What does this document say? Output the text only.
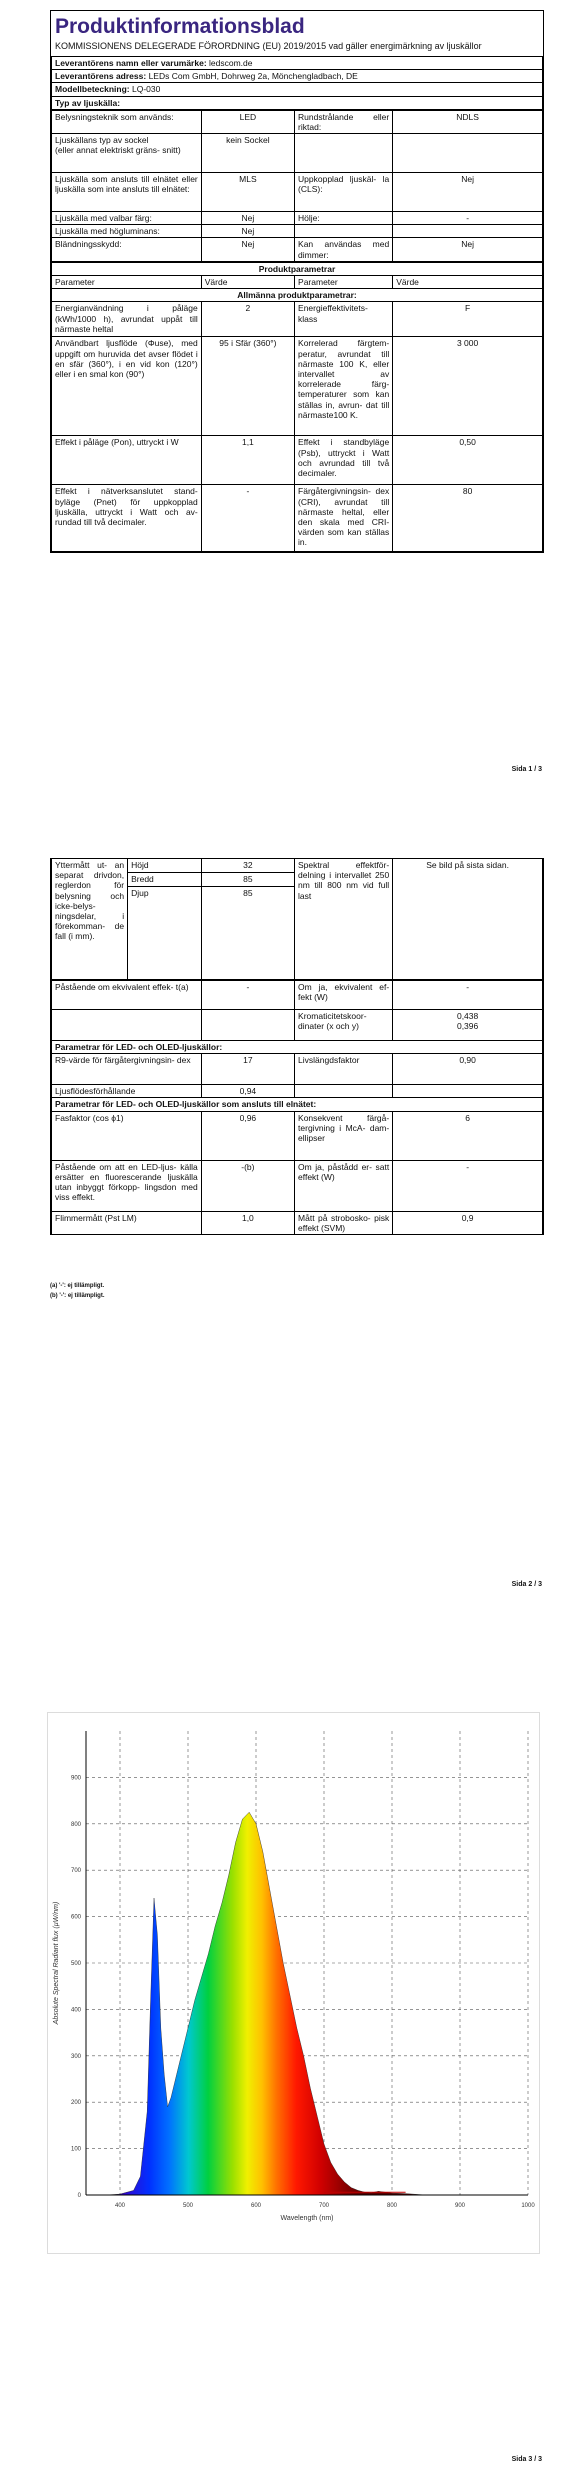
Produktinformationsblad
KOMMISSIONENS DELEGERADE FÖRORDNING (EU) 2019/2015 vad gäller energimärkning av ljuskällor
Leverantörens namn eller varumärke: ledscom.de
Leverantörens adress: LEDs Com GmbH, Dohrweg 2a, Mönchengladbach, DE
Modellbeteckning: LQ-030
Typ av ljuskälla:
Belysningsteknik som används:	LED	Rundstrålande eller riktad:	NDLS
Ljuskällans typ av sockel
(eller annat elektriskt gräns- snitt)	kein Sockel		
Ljuskälla som ansluts till elnätet eller ljuskälla som inte ansluts till elnätet:	MLS	Uppkopplad ljuskäl- la (CLS):	Nej
Ljuskälla med valbar färg:	Nej	Hölje:	-
Ljuskälla med högluminans:	Nej		
Bländningsskydd:	Nej	Kan användas med dimmer:	Nej
Produktparametrar			
Parameter	Värde	Parameter	Värde
Allmänna produktparametrar:			
Energianvändning i påläge (kWh/1000 h), avrundat uppåt till närmaste heltal	2	Energieffektivitets- klass	F
Användbart ljusflöde (Φuse), med uppgift om huruvida det avser flödet i en sfär (360°), i en vid kon (120°) eller i en smal kon (90°)	95 i Sfär (360°)	Korrelerad färgtem- peratur, avrundat till närmaste 100 K, eller intervallet av korrelerade färg- temperaturer som kan ställas in, avrun- dat till närmaste100 K.	3 000
Effekt i påläge (Pon), uttryckt i W	1,1	Effekt i standbyläge (Psb), uttryckt i Watt och avrundad till två decimaler.	0,50
Effekt i nätverksanslutet stand- byläge (Pnet) för uppkopplad ljuskälla, uttryckt i Watt och av- rundad till två decimaler.	-	Färgåtergivningsin- dex (CRI), avrundat till närmaste heltal, eller den skala med CRI-värden som kan ställas in.	80
Sida 1 / 3
Yttermått ut- an separat drivdon, reglerdon för belysning och icke-belys- ningsdelar, i förekomman- de fall (i mm).	Höjd	32	Spektral effektför- delning i intervallet 250 nm till 800 nm vid full last	Se bild på sista sidan.
	Bredd	85		
	Djup	85		
Påstående om ekvivalent effek- t(a)	-	Om ja, ekvivalent ef- fekt (W)	-
		Kromaticitetskoor- dinater (x och y)	0,438
0,396
Parametrar för LED- och OLED-ljuskällor:			
R9-värde för färgåtergivningsin- dex	17	Livslängdsfaktor	0,90
Ljusflödesförhållande	0,94		
Parametrar för LED- och OLED-ljuskällor som ansluts till elnätet:			
Fasfaktor (cos ϕ1)	0,96	Konsekvent färgå- tergivning i McA- dam-ellipser	6
Påstående om att en LED-ljus- källa ersätter en fluorescerande ljuskälla utan inbyggt förkopp- lingsdon med viss effekt.	-(b)	Om ja, påstådd er- satt effekt (W)	-
Flimmermått (Pst LM)	1,0	Mått på strobosko- pisk effekt (SVM)	0,9
(a) '-': ej tillämpligt.
(b) '-': ej tillämpligt.
Sida 2 / 3
400	500	600	700	800	900	1000
0
100
200
300
400
500
600
700
800
900
Wavelength (nm)
Absolute Spectral Radiant flux (µW/nm)
Sida 3 / 3
